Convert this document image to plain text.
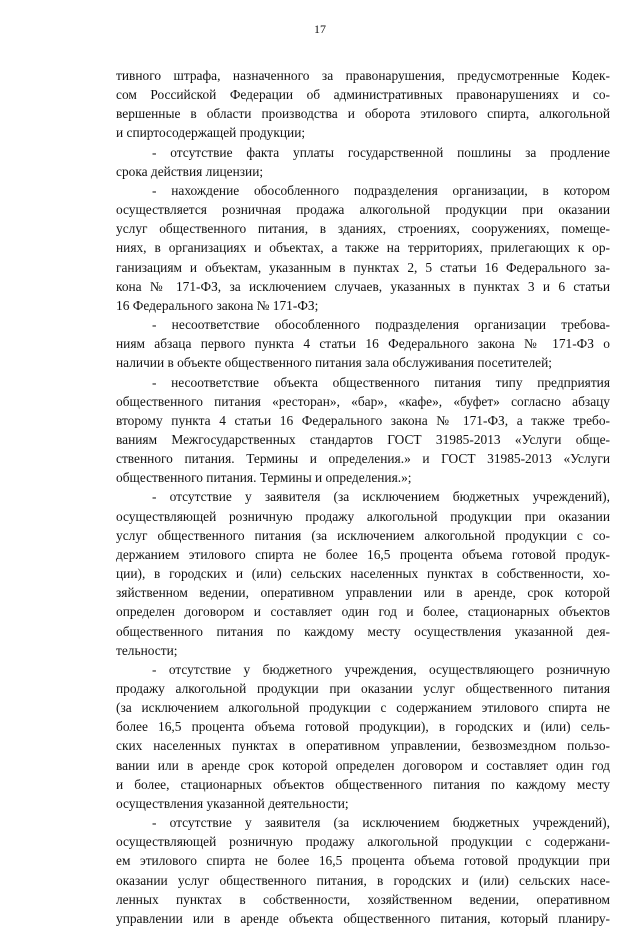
17
тивного штрафа, назначенного за правонарушения, предусмотренные Кодек-
сом Российской Федерации об административных правонарушениях и со-
вершенные в области производства и оборота этилового спирта, алкогольной
и спиртосодержащей продукции;
- отсутствие факта уплаты государственной пошлины за продление
срока действия лицензии;
- нахождение обособленного подразделения организации, в котором
осуществляется розничная продажа алкогольной продукции при оказании
услуг общественного питания, в зданиях, строениях, сооружениях, помеще-
ниях, в организациях и объектах, а также на территориях, прилегающих к ор-
ганизациям и объектам, указанным в пунктах 2, 5 статьи 16 Федерального за-
кона № 171-ФЗ, за исключением случаев, указанных в пунктах 3 и 6 статьи
16 Федерального закона № 171-ФЗ;
- несоответствие обособленного подразделения организации требова-
ниям абзаца первого пункта 4 статьи 16 Федерального закона № 171-ФЗ о
наличии в объекте общественного питания зала обслуживания посетителей;
- несоответствие объекта общественного питания типу предприятия
общественного питания «ресторан», «бар», «кафе», «буфет» согласно абзацу
второму пункта 4 статьи 16 Федерального закона № 171-ФЗ, а также требо-
ваниям Межгосударственных стандартов ГОСТ 31985-2013 «Услуги обще-
ственного питания. Термины и определения.» и ГОСТ 31985-2013 «Услуги
общественного питания. Термины и определения.»;
- отсутствие у заявителя (за исключением бюджетных учреждений),
осуществляющей розничную продажу алкогольной продукции при оказании
услуг общественного питания (за исключением алкогольной продукции с со-
держанием этилового спирта не более 16,5 процента объема готовой продук-
ции), в городских и (или) сельских населенных пунктах в собственности, хо-
зяйственном ведении, оперативном управлении или в аренде, срок которой
определен договором и составляет один год и более, стационарных объектов
общественного питания по каждому месту осуществления указанной дея-
тельности;
- отсутствие у бюджетного учреждения, осуществляющего розничную
продажу алкогольной продукции при оказании услуг общественного питания
(за исключением алкогольной продукции с содержанием этилового спирта не
более 16,5 процента объема готовой продукции), в городских и (или) сель-
ских населенных пунктах в оперативном управлении, безвозмездном пользо-
вании или в аренде срок которой определен договором и составляет один год
и более, стационарных объектов общественного питания по каждому месту
осуществления указанной деятельности;
- отсутствие у заявителя (за исключением бюджетных учреждений),
осуществляющей розничную продажу алкогольной продукции с содержани-
ем этилового спирта не более 16,5 процента объема готовой продукции при
оказании услуг общественного питания, в городских и (или) сельских насе-
ленных пунктах в собственности, хозяйственном ведении, оперативном
управлении или в аренде объекта общественного питания, который планиру-
